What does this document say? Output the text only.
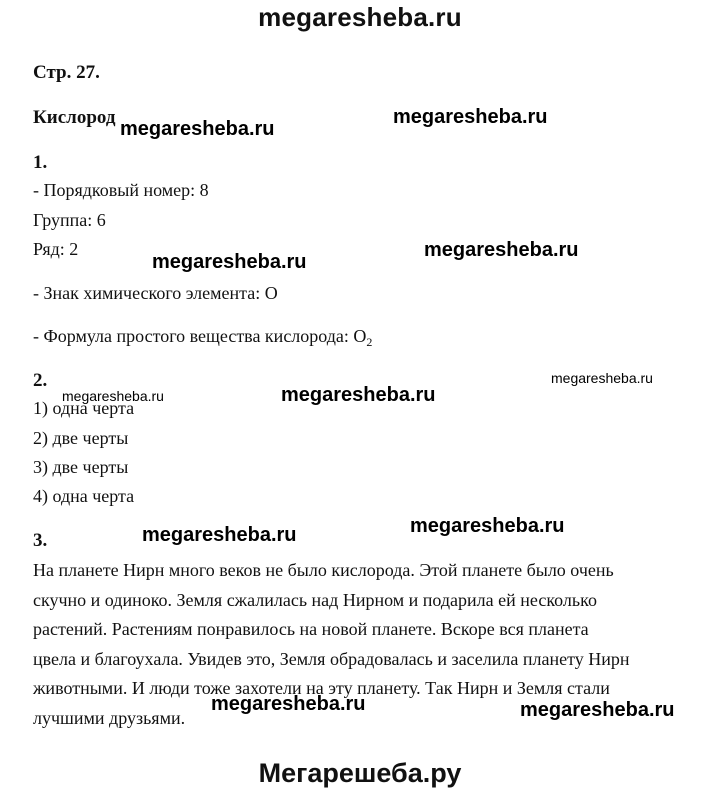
megaresheba.ru
Стр. 27.
Кислород
1.
- Порядковый номер: 8
Группа: 6
Ряд: 2
- Знак химического элемента: О
- Формула простого вещества кислорода: $О_2$
2.
1) одна черта
2) две черты
3) две черты
4) одна черта
3.
На планете Нирн много веков не было кислорода. Этой планете было очень
скучно и одиноко. Земля сжалилась над Нирном и подарила ей несколько
растений. Растениям понравилось на новой планете. Вскоре вся планета
цвела и благоухала. Увидев это, Земля обрадовалась и заселила планету Нирн
животными. И люди тоже захотели на эту планету. Так Нирн и Земля стали
лучшими друзьями.
megaresheba.ru
megaresheba.ru
megaresheba.ru
megaresheba.ru
megaresheba.ru	megaresheba.ru
megaresheba.ru
megaresheba.ru	megaresheba.ru
megaresheba.ru	megaresheba.ru
Мегарешеба.ру
